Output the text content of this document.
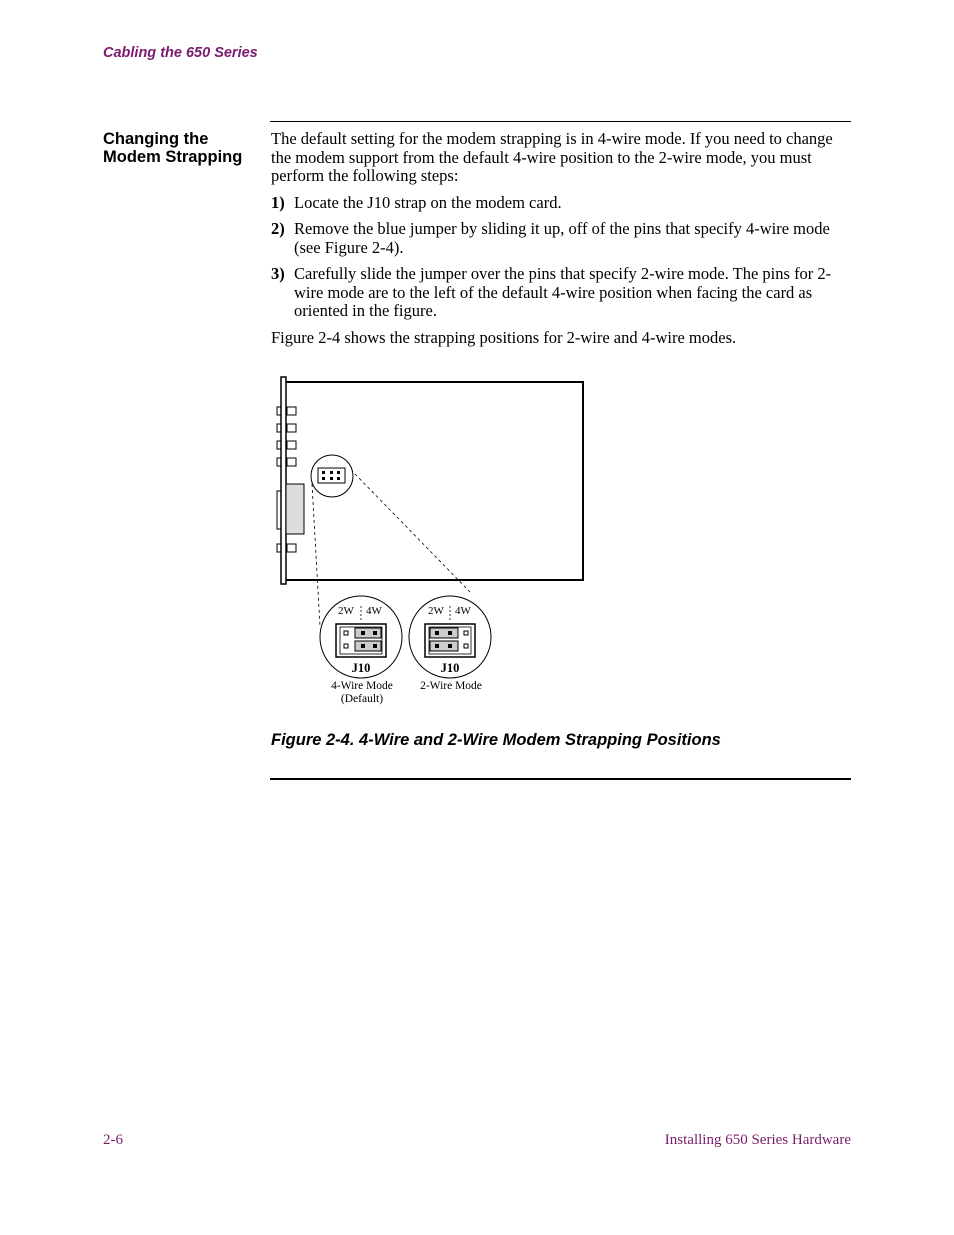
Cabling the 650 Series
Changing the
Modem Strapping

The default setting for the modem strapping is in 4-wire mode. If you need to change the modem support from the default 4-wire position to the 2-wire mode, you must perform the following steps:

1) Locate the J10 strap on the modem card.
2) Remove the blue jumper by sliding it up, off of the pins that specify 4-wire mode (see Figure 2-4).
3) Carefully slide the jumper over the pins that specify 2-wire mode. The pins for 2-wire mode are to the left of the default 4-wire position when facing the card as oriented in the figure.

Figure 2-4 shows the strapping positions for 2-wire and 4-wire modes.

2W 4W
J10
4-Wire Mode
(Default)
2W 4W
J10
2-Wire Mode
Figure 2-4. 4-Wire and 2-Wire Modem Strapping Positions
2-6	Installing 650 Series Hardware
